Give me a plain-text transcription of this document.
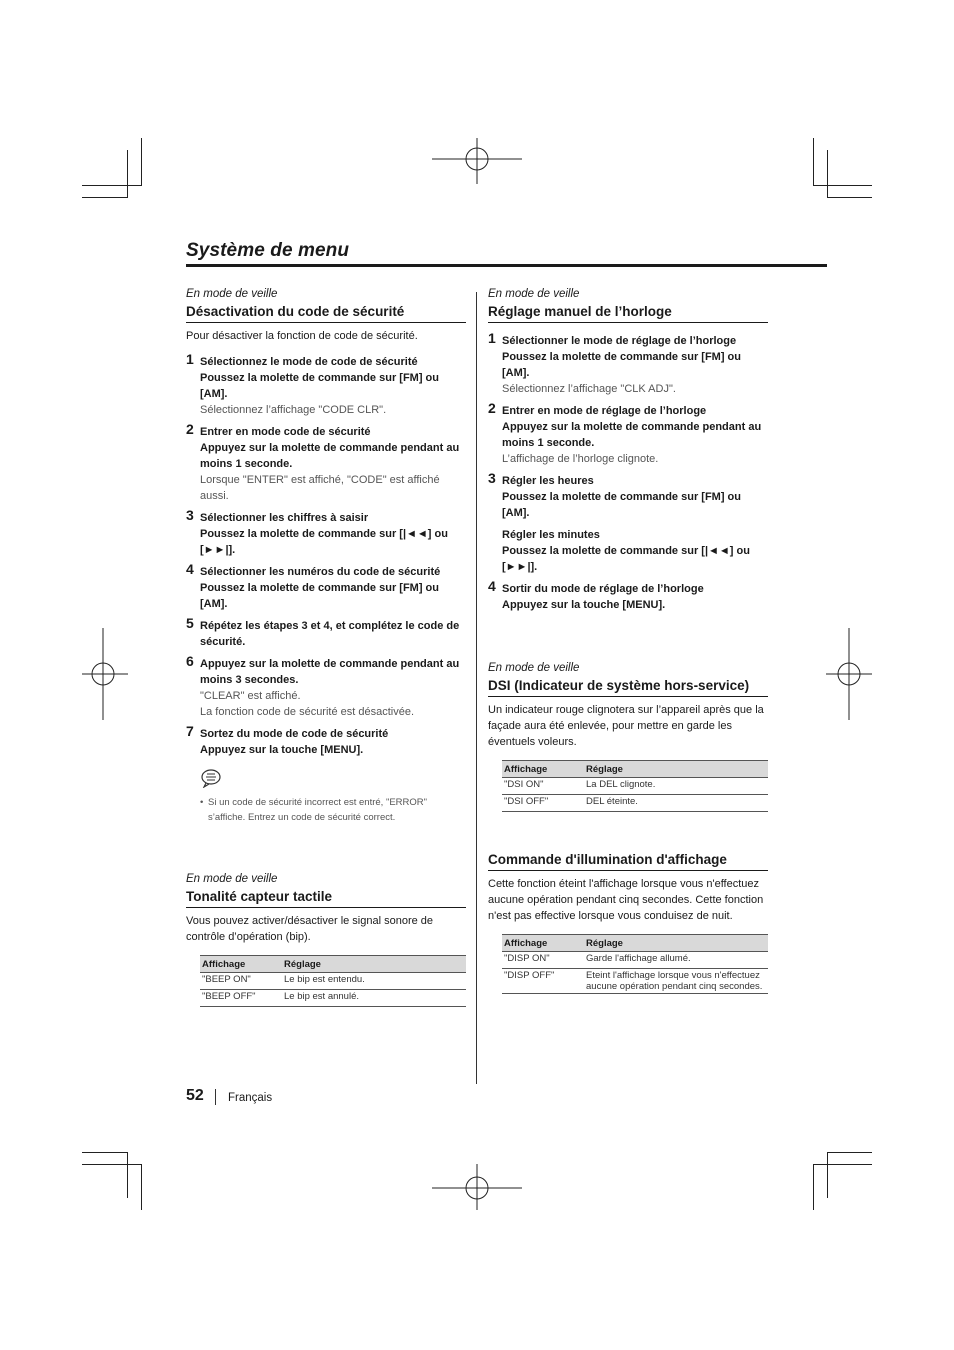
Système de menu
En mode de veille
Désactivation du code de sécurité

Pour désactiver la fonction de code de sécurité.

1 Sélectionnez le mode de code de sécurité
Poussez la molette de commande sur [FM] ou [AM].
Sélectionnez l’affichage "CODE CLR".
2 Entrer en mode code de sécurité
Appuyez sur la molette de commande pendant au moins 1 seconde.
Lorsque "ENTER" est affiché, "CODE" est affiché aussi.
3 Sélectionner les chiffres à saisir
Poussez la molette de commande sur [|◄◄] ou [►►|].
4 Sélectionner les numéros du code de sécurité
Poussez la molette de commande sur [FM] ou [AM].
5 Répétez les étapes 3 et 4, et complétez le code de sécurité.
6 Appuyez sur la molette de commande pendant au moins 3 secondes.
"CLEAR" est affiché.
La fonction code de sécurité est désactivée.
7 Sortez du mode de code de sécurité
Appuyez sur la touche [MENU].
• Si un code de sécurité incorrect est entré, "ERROR" s’affiche. Entrez un code de sécurité correct.
En mode de veille
Tonalité capteur tactile

Vous pouvez activer/désactiver le signal sonore de contrôle d’opération (bip).

Affichage	Réglage
"BEEP ON"	Le bip est entendu.
"BEEP OFF"	Le bip est annulé.
En mode de veille
Réglage manuel de l’horloge
1 Sélectionner le mode de réglage de l’horloge
Poussez la molette de commande sur [FM] ou [AM].
Sélectionnez l’affichage "CLK ADJ".
2 Entrer en mode de réglage de l’horloge
Appuyez sur la molette de commande pendant au moins 1 seconde.
L’affichage de l’horloge clignote.
3 Régler les heures
Poussez la molette de commande sur [FM] ou [AM].
Régler les minutes
Poussez la molette de commande sur [|◄◄] ou [►►|].
4 Sortir du mode de réglage de l’horloge
Appuyez sur la touche [MENU].
En mode de veille
DSI (Indicateur de système hors-service)

Un indicateur rouge clignotera sur l’appareil après que la façade aura été enlevée, pour mettre en garde les éventuels voleurs.

Affichage	Réglage
"DSI ON"	La DEL clignote.
"DSI OFF"	DEL éteinte.
Commande d'illumination d'affichage

Cette fonction éteint l'affichage lorsque vous n'effectuez aucune opération pendant cinq secondes. Cette fonction n'est pas effective lorsque vous conduisez de nuit.

Affichage	Réglage
"DISP ON"	Garde l'affichage allumé.
"DISP OFF"	Eteint l'affichage lorsque vous n'effectuez aucune opération pendant cinq secondes.
52 Français
